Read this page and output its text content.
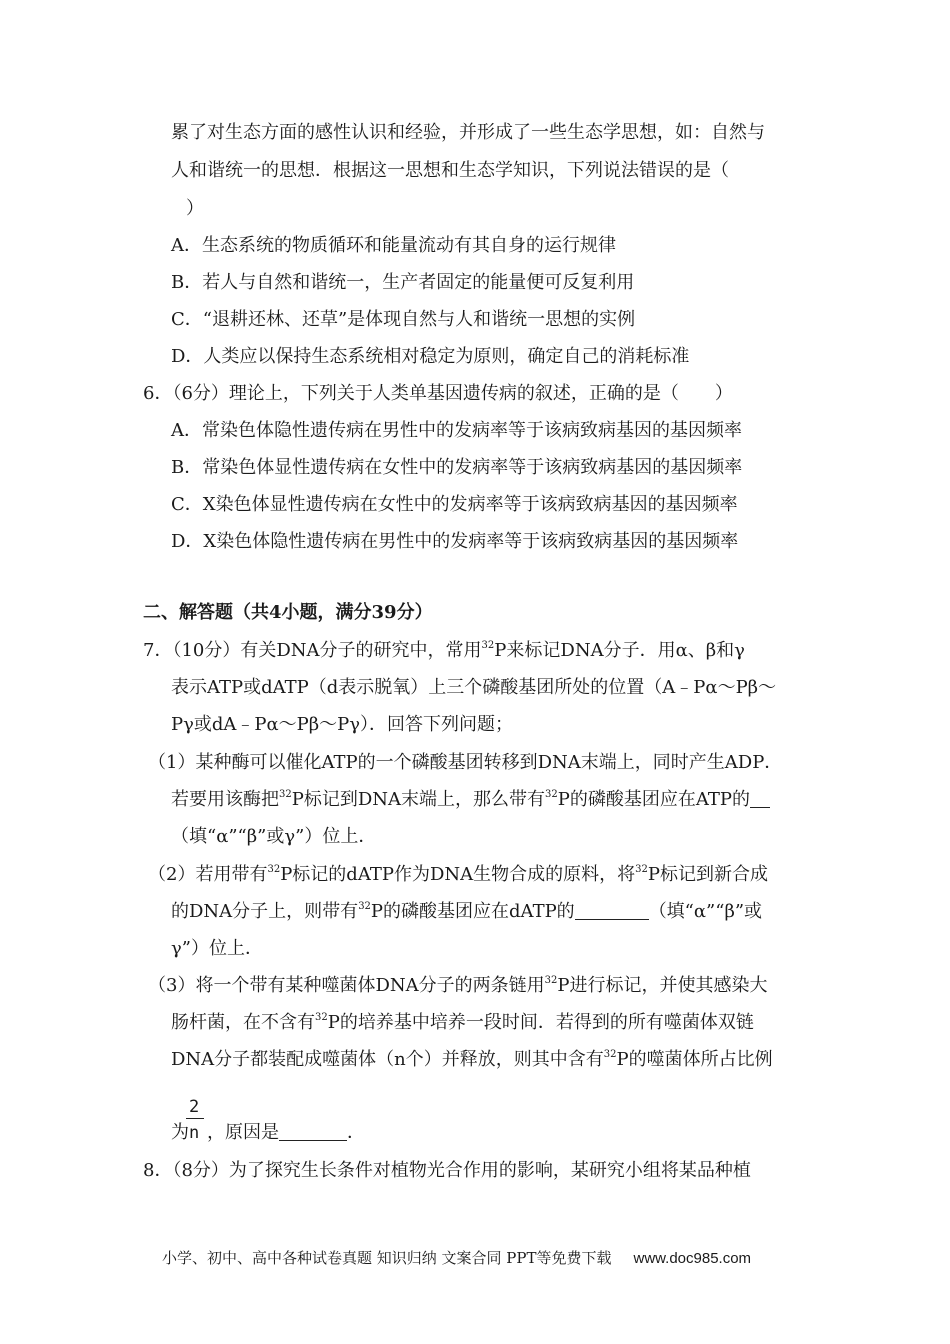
累了对生态方面的感性认识和经验，并形成了一些生态学思想，如：自然与
人和谐统一的思想．根据这一思想和生态学知识，下列说法错误的是（
）
A．生态系统的物质循环和能量流动有其自身的运行规律
B．若人与自然和谐统一，生产者固定的能量便可反复利用
C．“退耕还林、还草”是体现自然与人和谐统一思想的实例
D．人类应以保持生态系统相对稳定为原则，确定自己的消耗标准
6．（6分）理论上，下列关于人类单基因遗传病的叙述，正确的是（　　）
A．常染色体隐性遗传病在男性中的发病率等于该病致病基因的基因频率
B．常染色体显性遗传病在女性中的发病率等于该病致病基因的基因频率
C．X染色体显性遗传病在女性中的发病率等于该病致病基因的基因频率
D．X染色体隐性遗传病在男性中的发病率等于该病致病基因的基因频率
二、解答题（共4小题，满分39分）
7．（10分）有关DNA分子的研究中，常用$^{32}$P来标记DNA分子．用α、β和γ
表示ATP或dATP（d表示脱氧）上三个磷酸基团所处的位置（A﹣Pα～Pβ～
Pγ或dA﹣Pα～Pβ～Pγ）．回答下列问题；
（1）某种酶可以催化ATP的一个磷酸基团转移到DNA末端上，同时产生ADP．
若要用该酶把$^{32}$P标记到DNA末端上，那么带有$^{32}$P的磷酸基团应在ATP的
（填“α”“β”或γ”）位上．
（2）若用带有$^{32}$P标记的dATP作为DNA生物合成的原料，将$^{32}$P标记到新合成
的DNA分子上，则带有$^{32}$P的磷酸基团应在dATP的	（填“α”“β”或
γ”）位上．
（3）将一个带有某种噬菌体DNA分子的两条链用$^{32}$P进行标记，并使其感染大
肠杆菌，在不含有$^{32}$P的培养基中培养一段时间．若得到的所有噬菌体双链
DNA分子都装配成噬菌体（n个）并释放，则其中含有$^{32}$P的噬菌体所占比例
2
为n ，原因是	．
8．（8分）为了探究生长条件对植物光合作用的影响，某研究小组将某品种植
小学、初中、高中各种试卷真题 知识归纳 文案合同 PPT等免费下载 www.doc985.com
